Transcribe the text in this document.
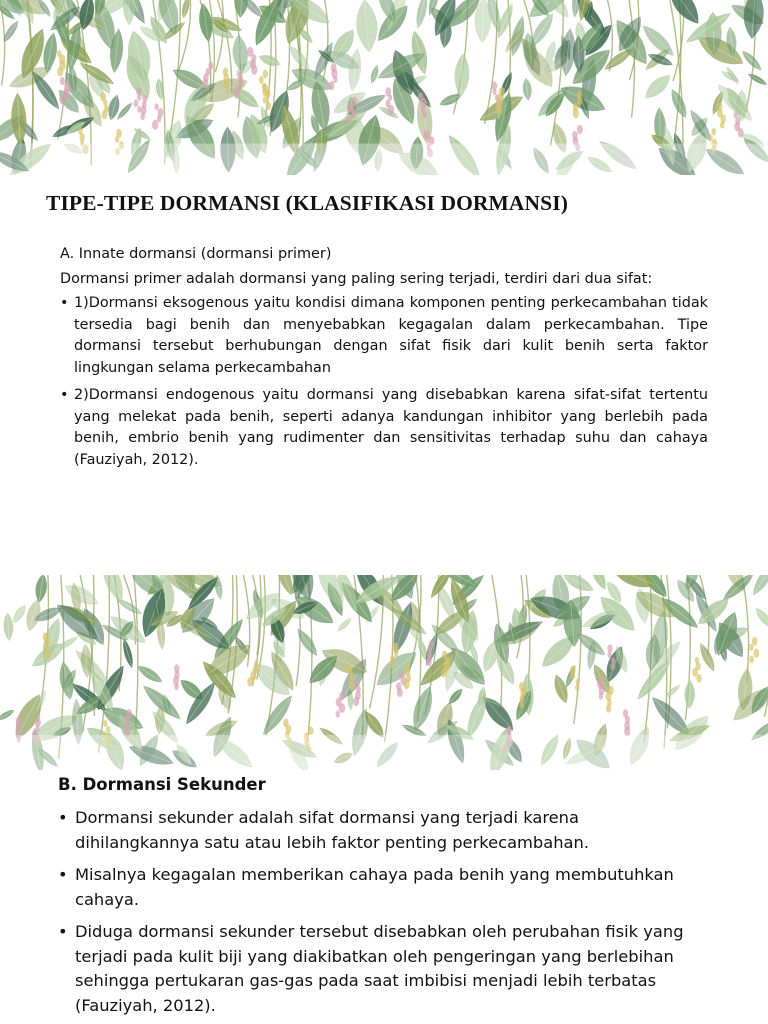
TIPE-TIPE DORMANSI (KLASIFIKASI DORMANSI)

A. Innate dormansi (dormansi primer)

Dormansi primer adalah dormansi yang paling sering terjadi, terdiri dari dua sifat:

• 1)Dormansi eksogenous yaitu kondisi dimana komponen penting perkecambahan tidak tersedia bagi benih dan menyebabkan kegagalan dalam perkecambahan. Tipe dormansi tersebut berhubungan dengan sifat fisik dari kulit benih serta faktor lingkungan selama perkecambahan
• 2)Dormansi endogenous yaitu dormansi yang disebabkan karena sifat-sifat tertentu yang melekat pada benih, seperti adanya kandungan inhibitor yang berlebih pada benih, embrio benih yang rudimenter dan sensitivitas terhadap suhu dan cahaya (Fauziyah, 2012).
B. Dormansi Sekunder
• Dormansi sekunder adalah sifat dormansi yang terjadi karena dihilangkannya satu atau lebih faktor penting perkecambahan.
• Misalnya kegagalan memberikan cahaya pada benih yang membutuhkan cahaya.
• Diduga dormansi sekunder tersebut disebabkan oleh perubahan fisik yang terjadi pada kulit biji yang diakibatkan oleh pengeringan yang berlebihan sehingga pertukaran gas-gas pada saat imbibisi menjadi lebih terbatas (Fauziyah, 2012).
